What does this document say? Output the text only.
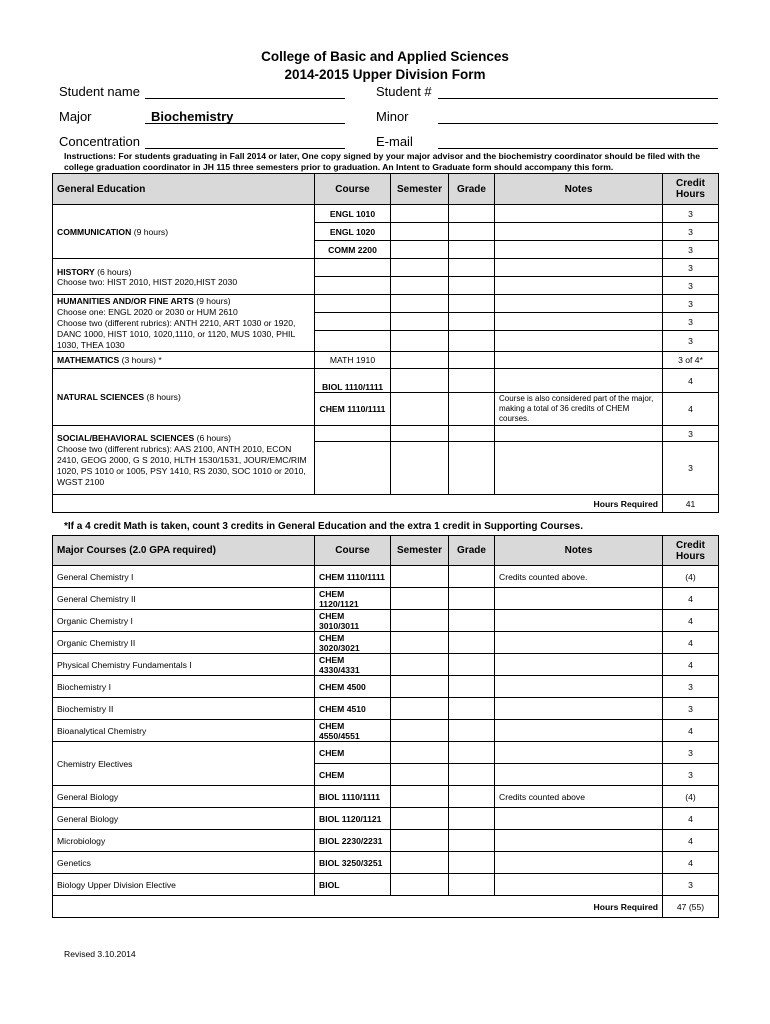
College of Basic and Applied Sciences
2014-2015 Upper Division Form
Student name	Student #
Major	Biochemistry	Minor
Concentration	E-mail
Instructions: For students graduating in Fall 2014 or later, One copy signed by your major advisor and the biochemistry coordinator should be filed with the college graduation coordinator in JH 115 three semesters prior to graduation. An Intent to Graduate form should accompany this form.
General Education	Course	Semester	Grade	Notes	Credit Hours
COMMUNICATION (9 hours)	ENGL 1010				3
	ENGL 1020				3
	COMM 2200				3
HISTORY (6 hours)
Choose two: HIST 2010, HIST 2020,HIST 2030					3
					3
HUMANITIES AND/OR FINE ARTS (9 hours)
Choose one: ENGL 2020 or 2030 or HUM 2610
Choose two (different rubrics): ANTH 2210, ART 1030 or 1920, DANC 1000, HIST 1010, 1020,1110, or 1120, MUS 1030, PHIL 1030, THEA 1030					3
					3
					3
MATHEMATICS (3 hours) *	MATH 1910				3 of 4*
NATURAL SCIENCES (8 hours)	BIOL 1110/1111				4
	CHEM 1110/1111			Course is also considered part of the major, making a total of 36 credits of CHEM courses.	4
SOCIAL/BEHAVIORAL SCIENCES (6 hours)
Choose two (different rubrics): AAS 2100, ANTH 2010, ECON 2410, GEOG 2000, G S 2010, HLTH 1530/1531, JOUR/EMC/RIM 1020, PS 1010 or 1005, PSY 1410, RS 2030, SOC 1010 or 2010, WGST 2100					3
					3
Hours Required					41
*If a 4 credit Math is taken, count 3 credits in General Education and the extra 1 credit in Supporting Courses.
Major Courses (2.0 GPA required)	Course	Semester	Grade	Notes	Credit Hours
General Chemistry I	CHEM 1110/1111			Credits counted above.	(4)
General Chemistry II	CHEM 1120/1121				4
Organic Chemistry I	CHEM 3010/3011				4
Organic Chemistry II	CHEM 3020/3021				4
Physical Chemistry Fundamentals I	CHEM 4330/4331				4
Biochemistry I	CHEM 4500				3
Biochemistry II	CHEM 4510				3
Bioanalytical Chemistry	CHEM 4550/4551				4
Chemistry Electives	CHEM				3
	CHEM				3
General Biology	BIOL 1110/1111			Credits counted above	(4)
General Biology	BIOL 1120/1121				4
Microbiology	BIOL 2230/2231				4
Genetics	BIOL 3250/3251				4
Biology Upper Division Elective	BIOL				3
Hours Required					47 (55)
Revised 3.10.2014
